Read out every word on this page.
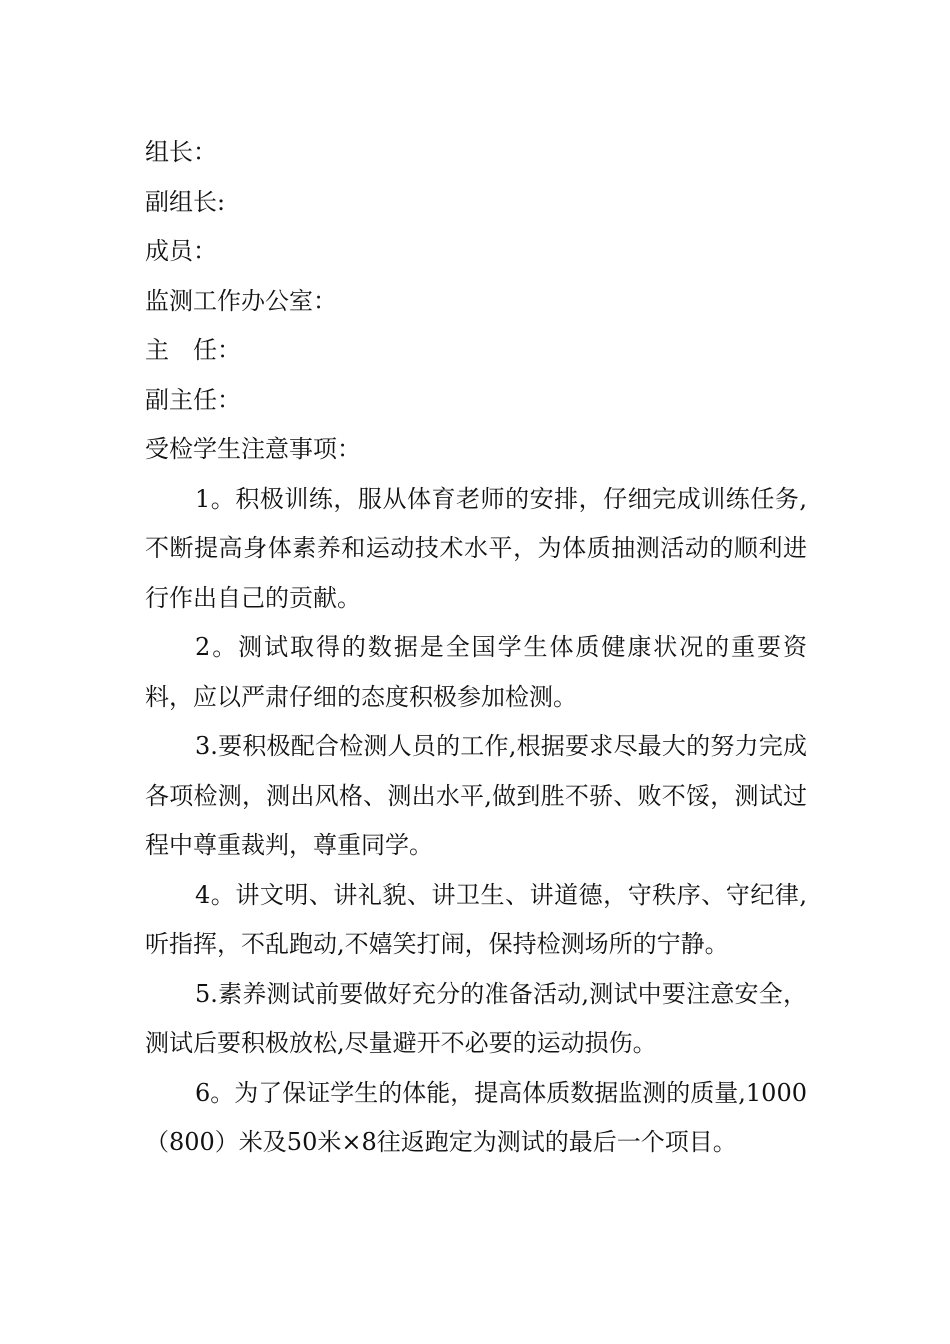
组长：

副组长:

成员：

监测工作办公室：

主 任：

副主任：

受检学生注意事项：

1。积极训练，服从体育老师的安排，仔细完成训练任务,不断提高身体素养和运动技术水平，为体质抽测活动的顺利进行作出自己的贡献。

2。测试取得的数据是全国学生体质健康状况的重要资料，应以严肃仔细的态度积极参加检测。

3.要积极配合检测人员的工作,根据要求尽最大的努力完成各项检测，测出风格、测出水平,做到胜不骄、败不馁，测试过程中尊重裁判，尊重同学。

4。讲文明、讲礼貌、讲卫生、讲道德，守秩序、守纪律,听指挥，不乱跑动,不嬉笑打闹，保持检测场所的宁静。

5.素养测试前要做好充分的准备活动,测试中要注意安全，测试后要积极放松,尽量避开不必要的运动损伤。

6。为了保证学生的体能，提高体质数据监测的质量,1000（800）米及50米×8往返跑定为测试的最后一个项目。
